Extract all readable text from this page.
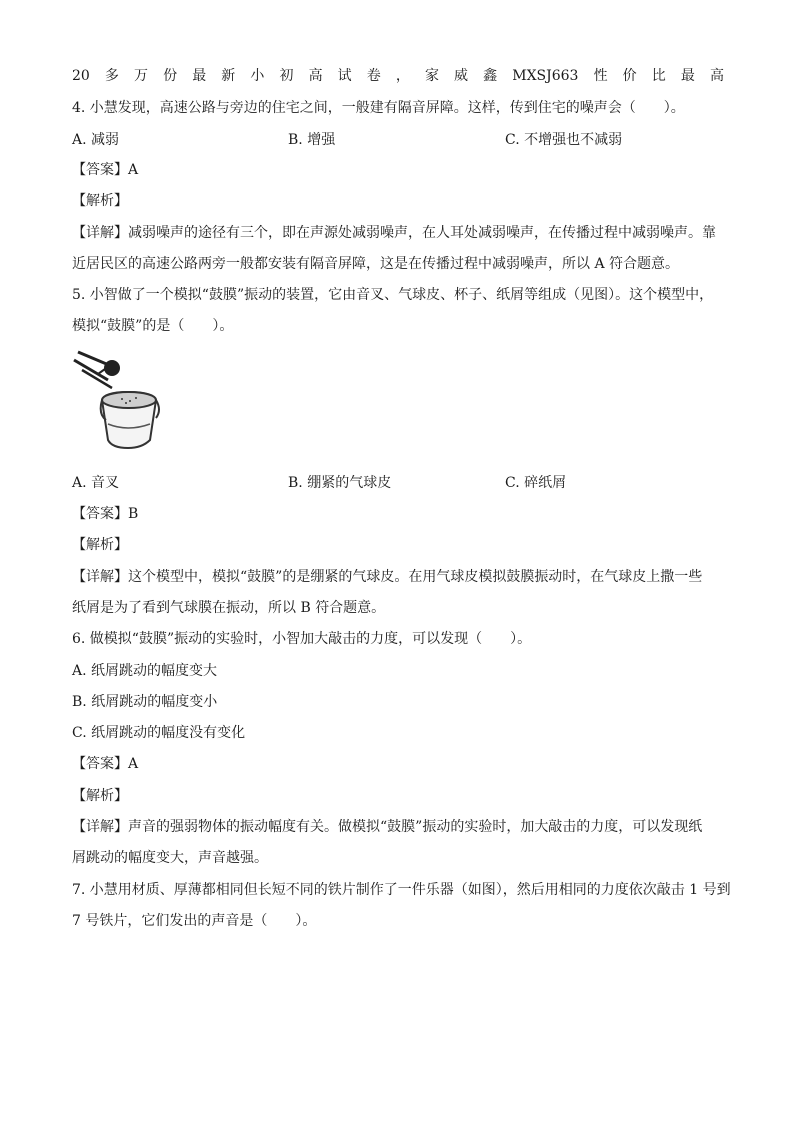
20 多 万 份 最 新 小 初 高 试 卷 ， 家 威 鑫 MXSJ663 性 价 比 最 高
4. 小慧发现，高速公路与旁边的住宅之间，一般建有隔音屏障。这样，传到住宅的噪声会（　　）。
A. 减弱	B. 增强	C. 不增强也不减弱
【答案】A
【解析】
【详解】减弱噪声的途径有三个，即在声源处减弱噪声，在人耳处减弱噪声，在传播过程中减弱噪声。靠
近居民区的高速公路两旁一般都安装有隔音屏障，这是在传播过程中减弱噪声，所以 A 符合题意。
5. 小智做了一个模拟“鼓膜”振动的装置，它由音叉、气球皮、杯子、纸屑等组成（见图）。这个模型中，
模拟“鼓膜”的是（　　）。
A. 音叉	B. 绷紧的气球皮	C. 碎纸屑
【答案】B
【解析】
【详解】这个模型中，模拟“鼓膜”的是绷紧的气球皮。在用气球皮模拟鼓膜振动时，在气球皮上撒一些
纸屑是为了看到气球膜在振动，所以 B 符合题意。
6. 做模拟“鼓膜”振动的实验时，小智加大敲击的力度，可以发现（　　）。
A. 纸屑跳动的幅度变大
B. 纸屑跳动的幅度变小
C. 纸屑跳动的幅度没有变化
【答案】A
【解析】
【详解】声音的强弱物体的振动幅度有关。做模拟“鼓膜”振动的实验时，加大敲击的力度，可以发现纸
屑跳动的幅度变大，声音越强。
7. 小慧用材质、厚薄都相同但长短不同的铁片制作了一件乐器（如图），然后用相同的力度依次敲击 1 号到
7 号铁片，它们发出的声音是（　　）。
